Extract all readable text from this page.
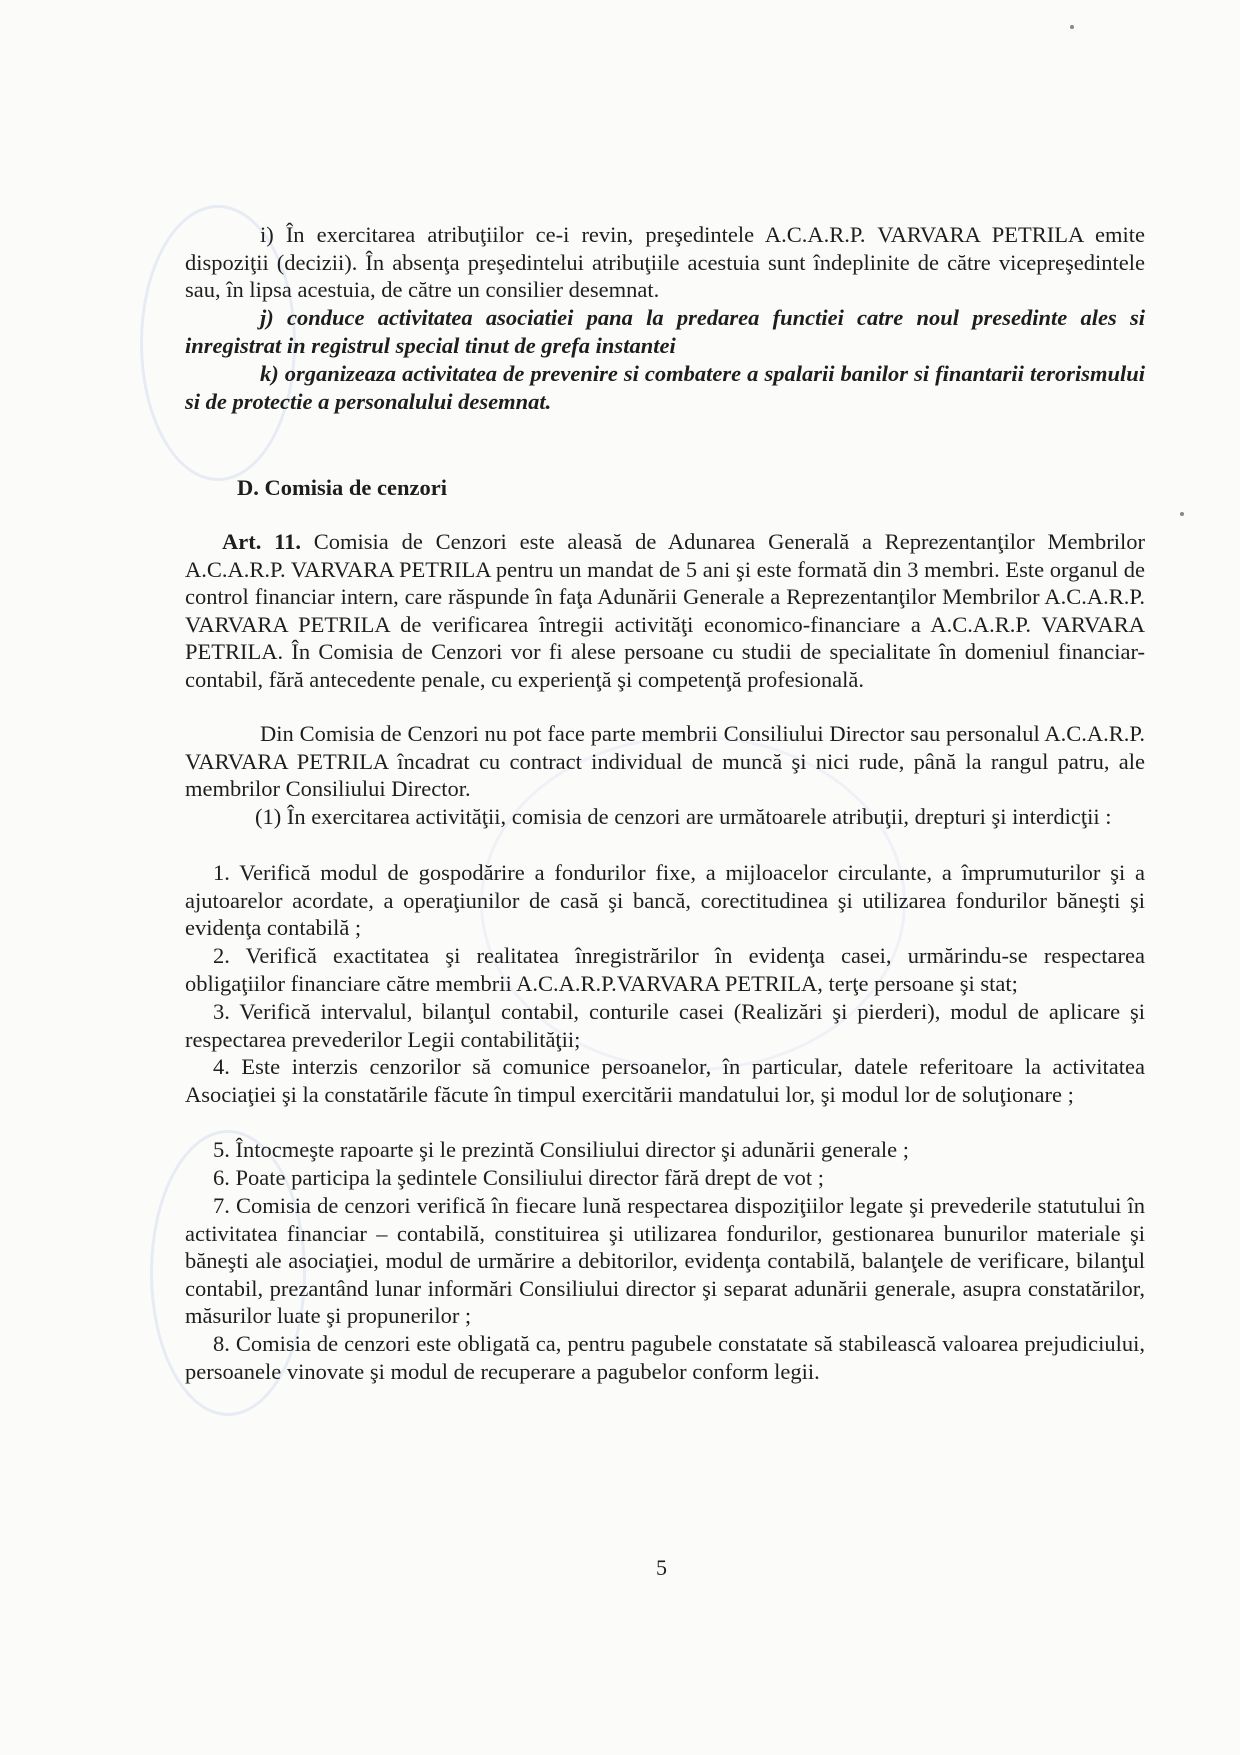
i) În exercitarea atribuţiilor ce-i revin, preşedintele A.C.A.R.P. VARVARA PETRILA emite dispoziţii (decizii). În absenţa preşedintelui atribuţiile acestuia sunt îndeplinite de către vicepreşedintele sau, în lipsa acestuia, de către un consilier desemnat.

j) conduce activitatea asociatiei pana la predarea functiei catre noul presedinte ales si inregistrat in registrul special tinut de grefa instantei

k) organizeaza activitatea de prevenire si combatere a spalarii banilor si finantarii terorismului si de protectie a personalului desemnat.

D. Comisia de cenzori

Art. 11. Comisia de Cenzori este aleasă de Adunarea Generală a Reprezentanţilor Membrilor A.C.A.R.P. VARVARA PETRILA pentru un mandat de 5 ani şi este formată din 3 membri. Este organul de control financiar intern, care răspunde în faţa Adunării Generale a Reprezentanţilor Membrilor A.C.A.R.P. VARVARA PETRILA de verificarea întregii activităţi economico-financiare a A.C.A.R.P. VARVARA PETRILA. În Comisia de Cenzori vor fi alese persoane cu studii de specialitate în domeniul financiar-contabil, fără antecedente penale, cu experienţă şi competenţă profesională.

Din Comisia de Cenzori nu pot face parte membrii Consiliului Director sau personalul A.C.A.R.P. VARVARA PETRILA încadrat cu contract individual de muncă şi nici rude, până la rangul patru, ale membrilor Consiliului Director.

(1) În exercitarea activităţii, comisia de cenzori are următoarele atribuţii, drepturi şi interdicţii :

1. Verifică modul de gospodărire a fondurilor fixe, a mijloacelor circulante, a împrumuturilor şi a ajutoarelor acordate, a operaţiunilor de casă şi bancă, corectitudinea şi utilizarea fondurilor băneşti şi evidenţa contabilă ;

2. Verifică exactitatea şi realitatea înregistrărilor în evidenţa casei, urmărindu-se respectarea obligaţiilor financiare către membrii A.C.A.R.P.VARVARA PETRILA, terţe persoane şi stat;

3. Verifică intervalul, bilanţul contabil, conturile casei (Realizări şi pierderi), modul de aplicare şi respectarea prevederilor Legii contabilităţii;

4. Este interzis cenzorilor să comunice persoanelor, în particular, datele referitoare la activitatea Asociaţiei şi la constatările făcute în timpul exercitării mandatului lor, şi modul lor de soluţionare ;

5. Întocmeşte rapoarte şi le prezintă Consiliului director şi adunării generale ;

6. Poate participa la şedintele Consiliului director fără drept de vot ;

7. Comisia de cenzori verifică în fiecare lună respectarea dispoziţiilor legate şi prevederile statutului în activitatea financiar – contabilă, constituirea şi utilizarea fondurilor, gestionarea bunurilor materiale şi băneşti ale asociaţiei, modul de urmărire a debitorilor, evidenţa contabilă, balanţele de verificare, bilanţul contabil, prezantând lunar informări Consiliului director şi separat adunării generale, asupra constatărilor, măsurilor luate şi propunerilor ;

8. Comisia de cenzori este obligată ca, pentru pagubele constatate să stabilească valoarea prejudiciului, persoanele vinovate şi modul de recuperare a pagubelor conform legii.

5
